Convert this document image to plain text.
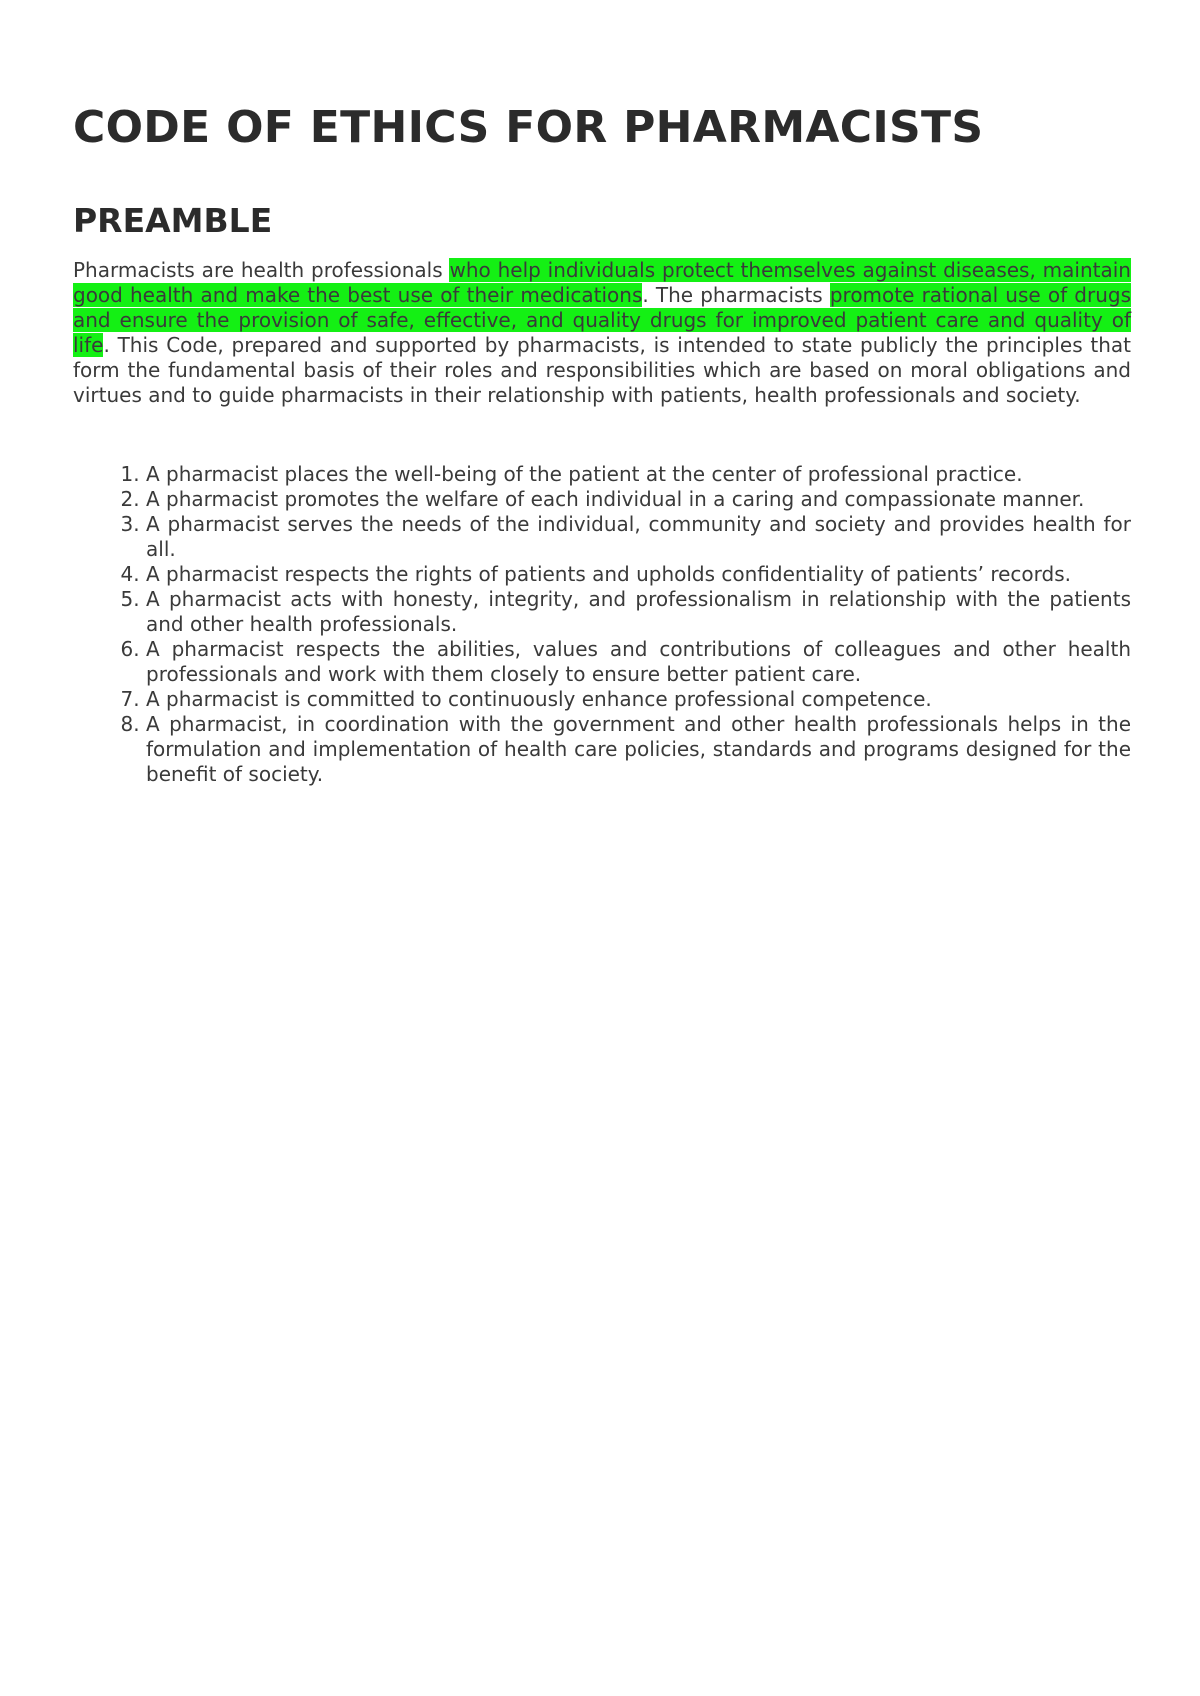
CODE OF ETHICS FOR PHARMACISTS
PREAMBLE

Pharmacists are health professionals who help individuals protect themselves against diseases, maintain good health and make the best use of their medications. The pharmacists promote rational use of drugs and ensure the provision of safe, effective, and quality drugs for improved patient care and quality of life. This Code, prepared and supported by pharmacists, is intended to state publicly the principles that form the fundamental basis of their roles and responsibilities which are based on moral obligations and virtues and to guide pharmacists in their relationship with patients, health professionals and society.

1. A pharmacist places the well-being of the patient at the center of professional practice.
2. A pharmacist promotes the welfare of each individual in a caring and compassionate manner.
3. A pharmacist serves the needs of the individual, community and society and provides health for all.
4. A pharmacist respects the rights of patients and upholds confidentiality of patients’ records.
5. A pharmacist acts with honesty, integrity, and professionalism in relationship with the patients and other health professionals.
6. A pharmacist respects the abilities, values and contributions of colleagues and other health professionals and work with them closely to ensure better patient care.
7. A pharmacist is committed to continuously enhance professional competence.
8. A pharmacist, in coordination with the government and other health professionals helps in the formulation and implementation of health care policies, standards and programs designed for the benefit of society.
